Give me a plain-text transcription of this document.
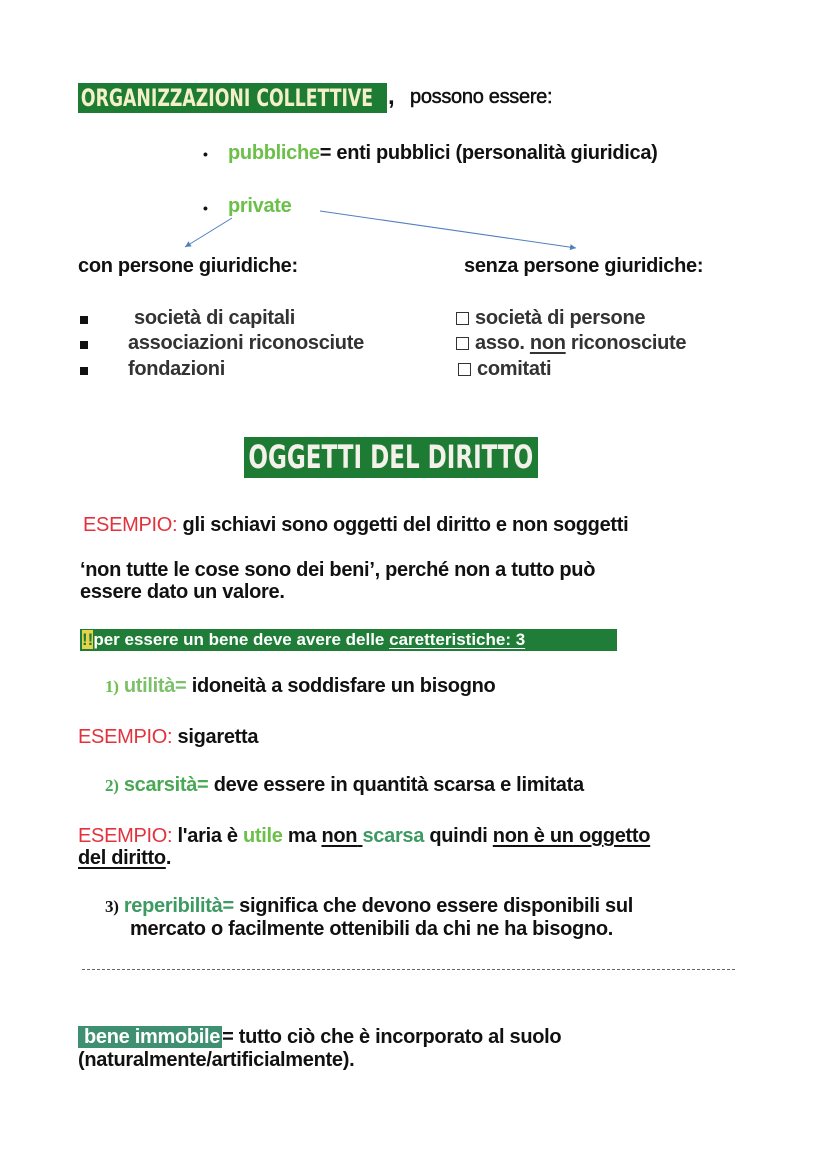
ORGANIZZAZIONI COLLETTIVE , possono essere:
• pubbliche= enti pubblici (personalità giuridica)
• private
con persone giuridiche:	senza persone giuridiche:
società di capitali
associazioni riconosciute
fondazioni
società di persone
asso. non riconosciute
comitati
OGGETTI DEL DIRITTO
ESEMPIO: gli schiavi sono oggetti del diritto e non soggetti
‘non tutte le cose sono dei beni’, perché non a tutto può
essere dato un valore.
!!per essere un bene deve avere delle caretteristiche: 3
1) utilità= idoneità a soddisfare un bisogno
ESEMPIO: sigaretta
2) scarsità= deve essere in quantità scarsa e limitata
ESEMPIO: l'aria è utile ma non scarsa quindi non è un oggetto
del diritto.
3) reperibilità= significa che devono essere disponibili sul
mercato o facilmente ottenibili da chi ne ha bisogno.
bene immobile = tutto ciò che è incorporato al suolo
(naturalmente/artificialmente).
